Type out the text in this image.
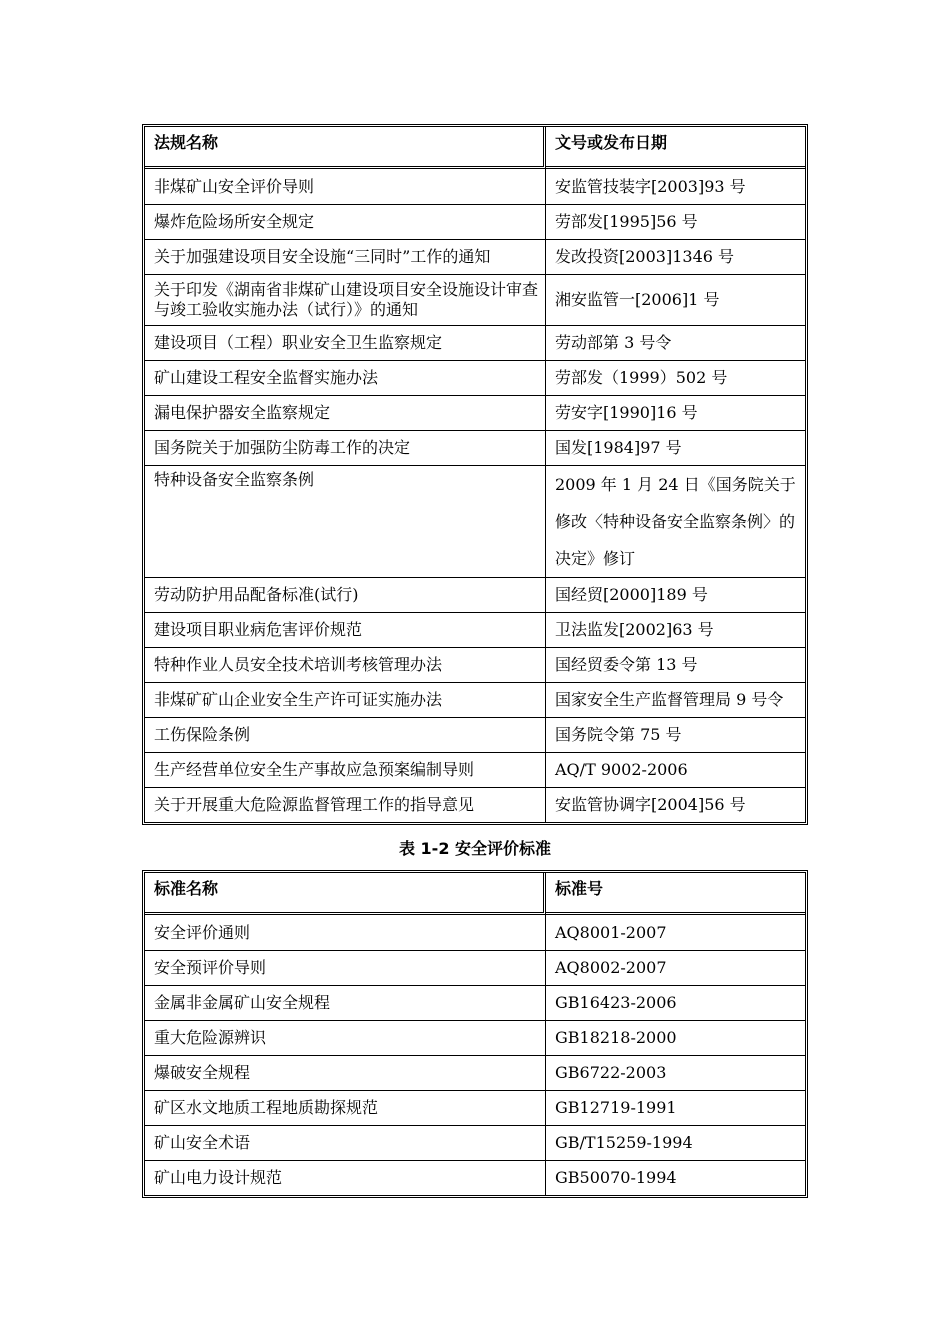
法规名称	文号或发布日期
非煤矿山安全评价导则	安监管技装字[2003]93 号
爆炸危险场所安全规定	劳部发[1995]56 号
关于加强建设项目安全设施“三同时”工作的通知	发改投资[2003]1346 号
关于印发《湖南省非煤矿山建设项目安全设施设计审查与竣工验收实施办法（试行）》的通知	湘安监管一[2006]1 号
建设项目（工程）职业安全卫生监察规定	劳动部第 3 号令
矿山建设工程安全监督实施办法	劳部发（1999）502 号
漏电保护器安全监察规定	劳安字[1990]16 号
国务院关于加强防尘防毒工作的决定	国发[1984]97 号
特种设备安全监察条例	2009 年 1 月 24 日《国务院关于修改〈特种设备安全监察条例〉的决定》修订
劳动防护用品配备标准(试行)	国经贸[2000]189 号
建设项目职业病危害评价规范	卫法监发[2002]63 号
特种作业人员安全技术培训考核管理办法	国经贸委令第 13 号
非煤矿矿山企业安全生产许可证实施办法	国家安全生产监督管理局 9 号令
工伤保险条例	国务院令第 75 号
生产经营单位安全生产事故应急预案编制导则	AQ/T 9002-2006
关于开展重大危险源监督管理工作的指导意见	安监管协调字[2004]56 号
表 1-2 安全评价标准
标准名称	标准号
安全评价通则	AQ8001-2007
安全预评价导则	AQ8002-2007
金属非金属矿山安全规程	GB16423-2006
重大危险源辨识	GB18218-2000
爆破安全规程	GB6722-2003
矿区水文地质工程地质勘探规范	GB12719-1991
矿山安全术语	GB/T15259-1994
矿山电力设计规范	GB50070-1994
